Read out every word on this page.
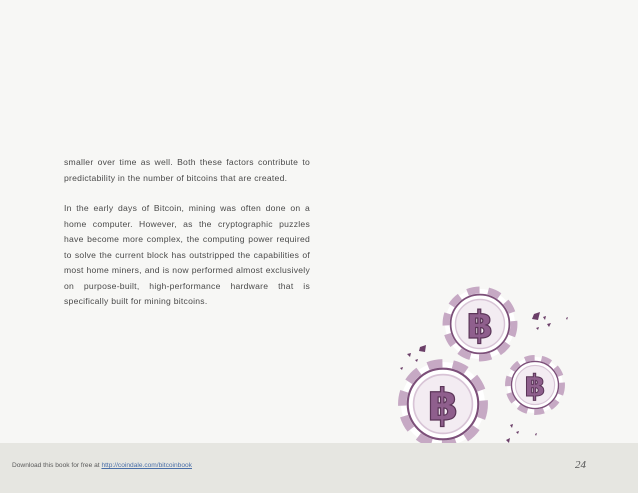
smaller over time as well. Both these factors contribute to predictability in the number of bitcoins that are created.

In the early days of Bitcoin, mining was often done on a home computer. However, as the cryptographic puzzles have become more complex, the computing power required to solve the current block has outstripped the capabilities of most home miners, and is now performed almost exclusively on purpose-built, high-performance hardware that is specifically built for mining bitcoins.

฿
฿ ฿
Download this book for free at http://coindale.com/bitcoinbook	24
